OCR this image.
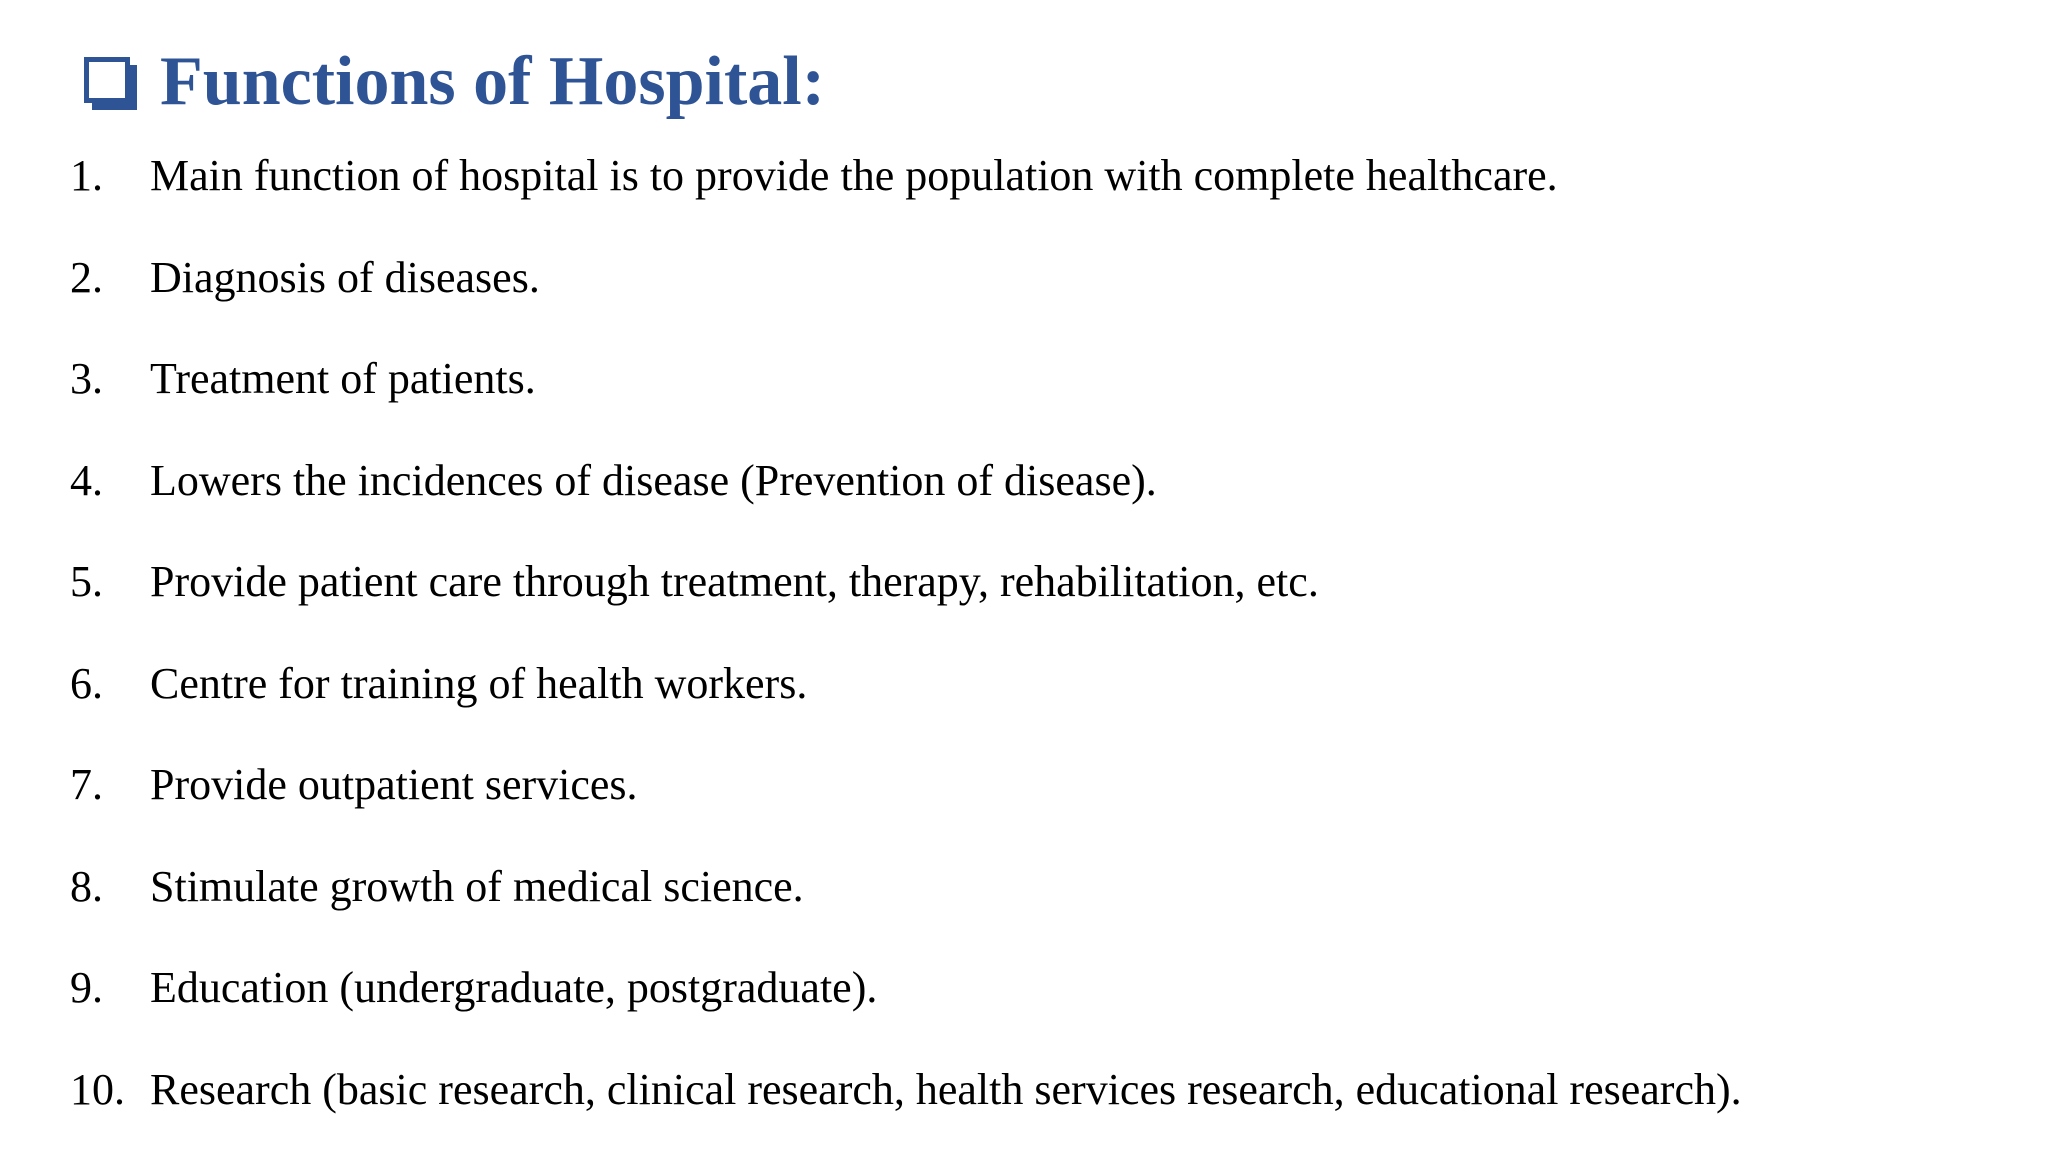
Functions of Hospital:
1.	Main function of hospital is to provide the population with complete healthcare.
2.	Diagnosis of diseases.
3.	Treatment of patients.
4.	Lowers the incidences of disease (Prevention of disease).
5.	Provide patient care through treatment, therapy, rehabilitation, etc.
6.	Centre for training of health workers.
7.	Provide outpatient services.
8.	Stimulate growth of medical science.
9.	Education (undergraduate, postgraduate).
10. Research (basic research, clinical research, health services research, educational research).
